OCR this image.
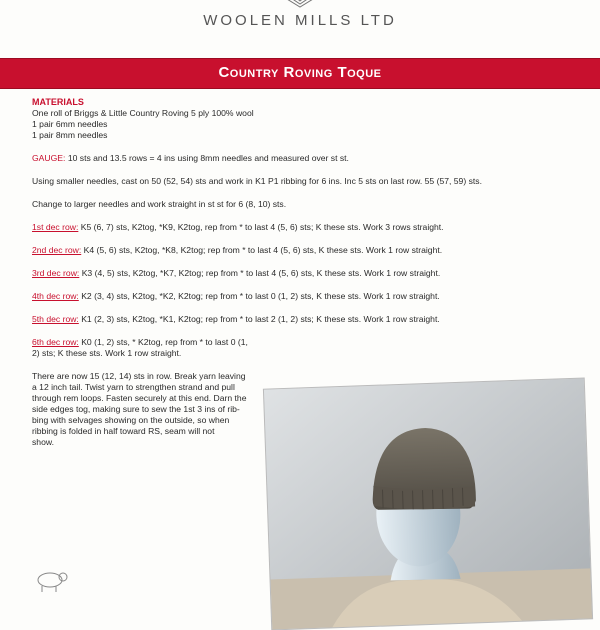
WOOLEN MILLS LTD
Country Roving Toque
MATERIALS
One roll of Briggs & Little Country Roving 5 ply 100% wool
1 pair 6mm needles
1 pair 8mm needles
GAUGE: 10 sts and 13.5 rows = 4 ins using 8mm needles and measured over st st.
Using smaller needles, cast on 50 (52, 54) sts and work in K1 P1 ribbing for 6 ins. Inc 5 sts on last row. 55 (57, 59) sts.
Change to larger needles and work straight in st st for 6 (8, 10) sts.
1st dec row: K5 (6, 7) sts, K2tog, *K9, K2tog, rep from * to last 4 (5, 6) sts; K these sts. Work 3 rows straight.
2nd dec row: K4 (5, 6) sts, K2tog, *K8, K2tog; rep from * to last 4 (5, 6) sts, K these sts. Work 1 row straight.
3rd dec row: K3 (4, 5) sts, K2tog, *K7, K2tog; rep from * to last 4 (5, 6) sts, K these sts. Work 1 row straight.
4th dec row: K2 (3, 4) sts, K2tog, *K2, K2tog; rep from * to last 0 (1, 2) sts, K these sts. Work 1 row straight.
5th dec row: K1 (2, 3) sts, K2tog, *K1, K2tog; rep from * to last 2 (1, 2) sts; K these sts. Work 1 row straight.
6th dec row: K0 (1, 2) sts, * K2tog, rep from * to last 0 (1,
2) sts; K these sts. Work 1 row straight.
There are now 15 (12, 14) sts in row. Break yarn leaving
a 12 inch tail. Twist yarn to strengthen strand and pull
through rem loops. Fasten securely at this end. Darn the
side edges tog, making sure to sew the 1st 3 ins of rib-
bing with selvages showing on the outside, so when
ribbing is folded in half toward RS, seam will not
show.
